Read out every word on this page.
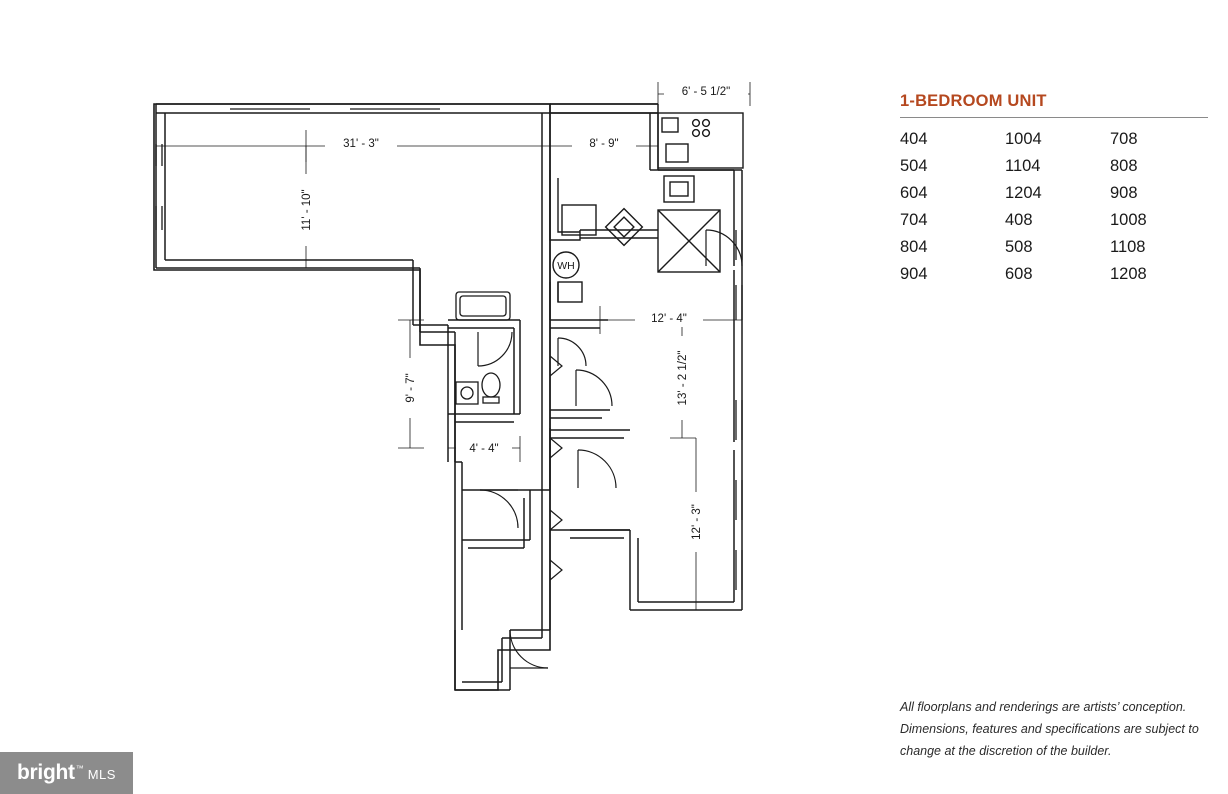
WH
31' - 3"	8' - 9"
6' - 5 1/2"
11' - 10"
9' - 7"
4' - 4"
12' - 4"
13' - 2 1/2"
12' - 3"
1-BEDROOM UNIT
404	1004	708
504	1104	808
604	1204	908
704	408	1008
804	508	1108
904	608	1208
All floorplans and renderings are artists’ conception.
Dimensions, features and specifications are subject to
change at the discretion of the builder.
bright ™ MLS
